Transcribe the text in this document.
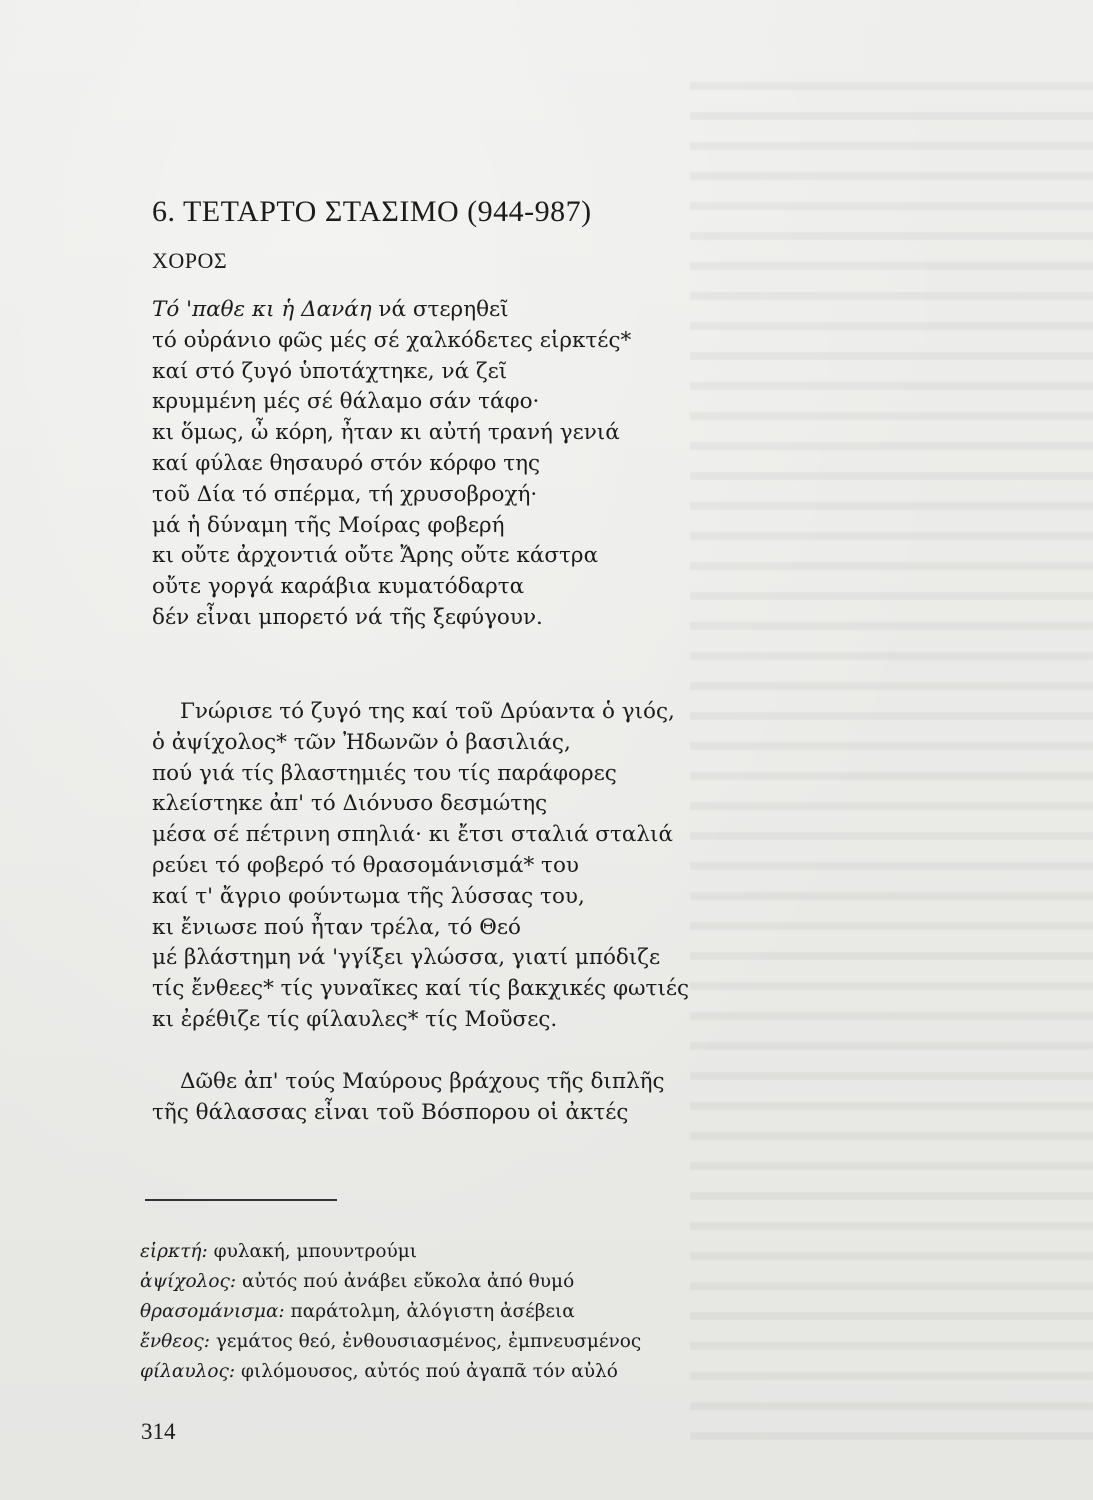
6. ΤΕΤΑΡΤΟ ΣΤΑΣΙΜΟ (944-987)
ΧΟΡΟΣ
Τό 'παθε κι ἡ Δανάη νά στερηθεῖ
τό οὐράνιο φῶς μές σέ χαλκόδετες εἱρκτές*
καί στό ζυγό ὑποτάχτηκε, νά ζεῖ
κρυμμένη μές σέ θάλαμο σάν τάφο·
κι ὅμως, ὦ κόρη, ἦταν κι αὐτή τρανή γενιά
καί φύλαε θησαυρό στόν κόρφο της
τοῦ Δία τό σπέρμα, τή χρυσοβροχή·
μά ἡ δύναμη τῆς Μοίρας φοβερή
κι οὔτε ἀρχοντιά οὔτε Ἄρης οὔτε κάστρα
οὔτε γοργά καράβια κυματόδαρτα
δέν εἶναι μπορετό νά τῆς ξεφύγουν.
Γνώρισε τό ζυγό της καί τοῦ Δρύαντα ὁ γιός,
ὁ ἀψίχολος* τῶν Ἠδωνῶν ὁ βασιλιάς,
πού γιά τίς βλαστημιές του τίς παράφορες
κλείστηκε ἀπ' τό Διόνυσο δεσμώτης
μέσα σέ πέτρινη σπηλιά· κι ἔτσι σταλιά σταλιά
ρεύει τό φοβερό τό θρασομάνισμά* του
καί τ' ἄγριο φούντωμα τῆς λύσσας του,
κι ἔνιωσε πού ἦταν τρέλα, τό Θεό
μέ βλάστημη νά 'γγίξει γλώσσα, γιατί μπόδιζε
τίς ἔνθεες* τίς γυναῖκες καί τίς βακχικές φωτιές
κι ἐρέθιζε τίς φίλαυλες* τίς Μοῦσες.
Δῶθε ἀπ' τούς Μαύρους βράχους τῆς διπλῆς
τῆς θάλασσας εἶναι τοῦ Βόσπορου οἱ ἀκτές
εἱρκτή: φυλακή, μπουντρούμι
ἀψίχολος: αὐτός πού ἀνάβει εὔκολα ἀπό θυμό
θρασομάνισμα: παράτολμη, ἀλόγιστη ἀσέβεια
ἔνθεος: γεμάτος θεό, ἐνθουσιασμένος, ἐμπνευσμένος
φίλαυλος: φιλόμουσος, αὐτός πού ἀγαπᾶ τόν αὐλό
314
